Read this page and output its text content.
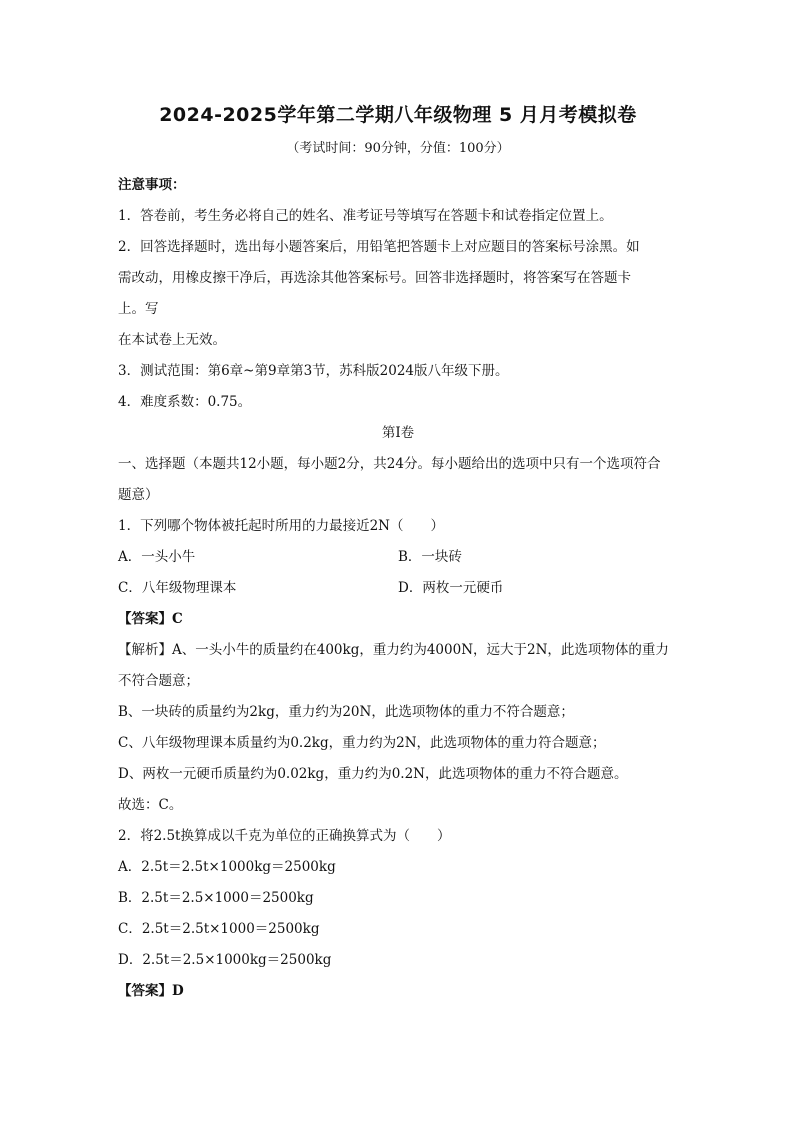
2024-2025学年第二学期八年级物理 5 月月考模拟卷
（考试时间：90分钟，分值：100分）
注意事项：
1．答卷前，考生务必将自己的姓名、准考证号等填写在答题卡和试卷指定位置上。
2．回答选择题时，选出每小题答案后，用铅笔把答题卡上对应题目的答案标号涂黑。如
需改动，用橡皮擦干净后，再选涂其他答案标号。回答非选择题时，将答案写在答题卡
上。写
在本试卷上无效。
3．测试范围：第6章~第9章第3节，苏科版2024版八年级下册。
4．难度系数：0.75。
第Ⅰ卷
一、选择题（本题共12小题，每小题2分，共24分。每小题给出的选项中只有一个选项符合
题意）
1．下列哪个物体被托起时所用的力最接近2N（　　）
A．一头小牛	B．一块砖
C．八年级物理课本	D．两枚一元硬币
【答案】C
【解析】A、一头小牛的质量约在400kg，重力约为4000N，远大于2N，此选项物体的重力
不符合题意；
B、一块砖的质量约为2kg，重力约为20N，此选项物体的重力不符合题意；
C、八年级物理课本质量约为0.2kg，重力约为2N，此选项物体的重力符合题意；
D、两枚一元硬币质量约为0.02kg，重力约为0.2N，此选项物体的重力不符合题意。
故选：C。
2．将2.5t换算成以千克为单位的正确换算式为（　　）
A．2.5t＝2.5t×1000kg＝2500kg
B．2.5t＝2.5×1000＝2500kg
C．2.5t＝2.5t×1000＝2500kg
D．2.5t＝2.5×1000kg＝2500kg
【答案】D
